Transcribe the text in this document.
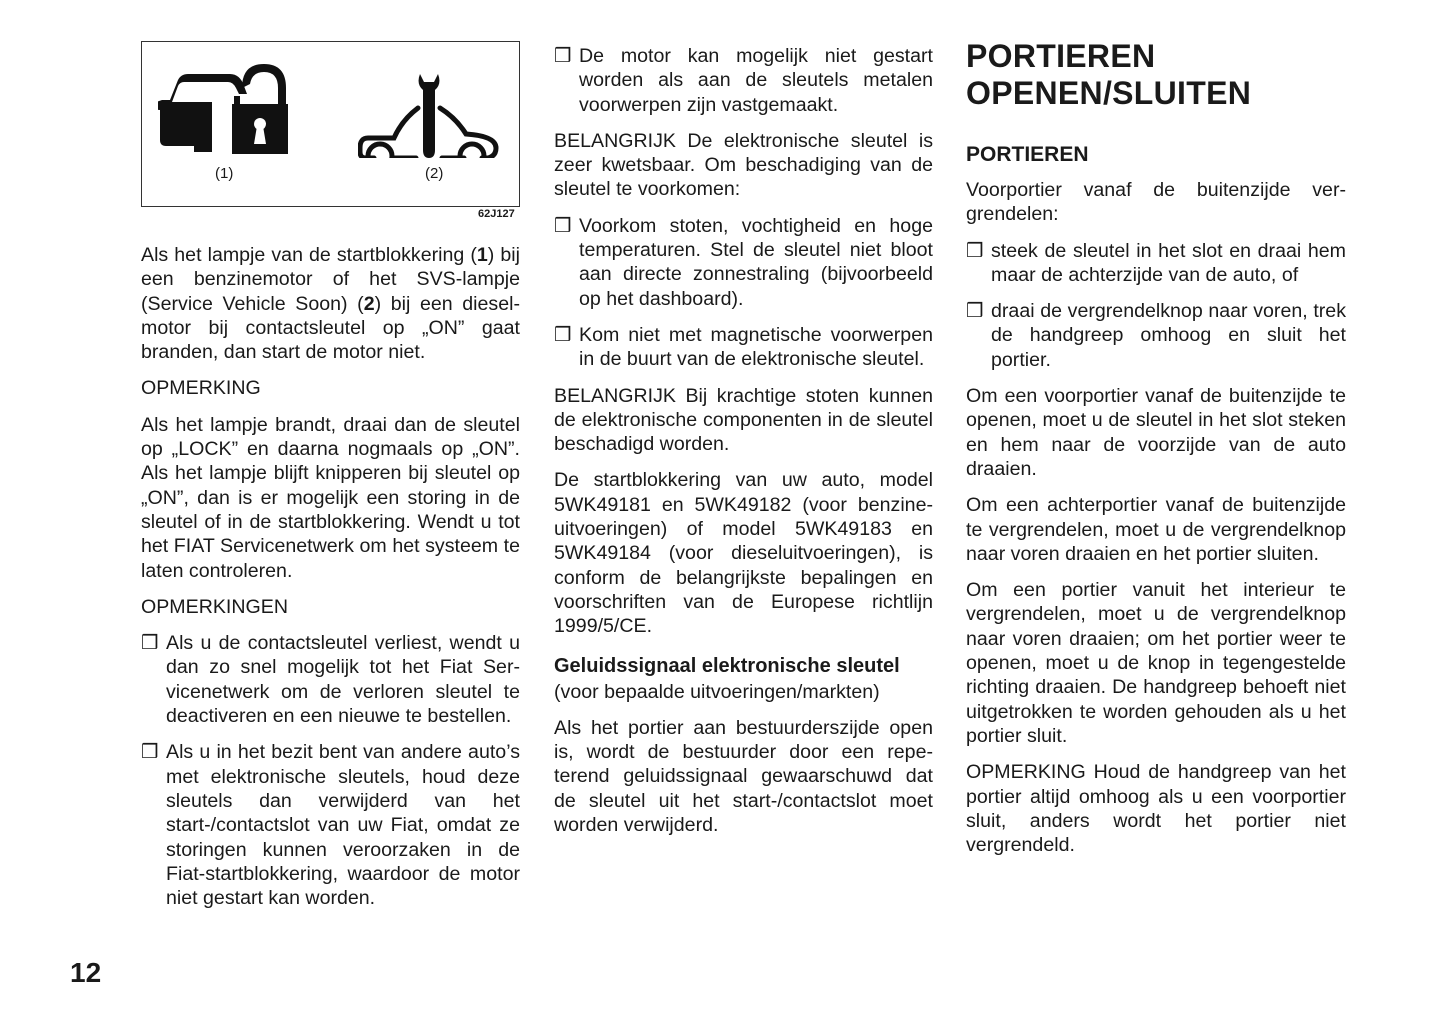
(1)	(2)
62J127
Als het lampje van de startblokkering (1) bij een benzinemotor of het SVS-lampje (Service Vehicle Soon) (2) bij een dieselmotor bij contactsleutel op „ON” gaat branden, dan start de motor niet.
OPMERKING
Als het lampje brandt, draai dan de sleutel op „LOCK” en daarna nogmaals op „ON”. Als het lampje blijft knipperen bij sleutel op „ON”, dan is er mogelijk een storing in de sleutel of in de startblokkering. Wendt u tot het FIAT Servicenetwerk om het systeem te laten controleren.
OPMERKINGEN
❒ Als u de contactsleutel verliest, wendt u dan zo snel mogelijk tot het Fiat Servicenetwerk om de verloren sleutel te deactiveren en een nieuwe te bestellen.
❒ Als u in het bezit bent van andere auto’s met elektronische sleutels, houd deze sleutels dan verwijderd van het start-/contactslot van uw Fiat, omdat ze storingen kunnen veroorzaken in de Fiat-startblokkering, waardoor de motor niet gestart kan worden.
❒ De motor kan mogelijk niet gestart worden als aan de sleutels metalen voorwerpen zijn vastgemaakt.
BELANGRIJK De elektronische sleutel is zeer kwetsbaar. Om beschadiging van de sleutel te voorkomen:
❒ Voorkom stoten, vochtigheid en hoge temperaturen. Stel de sleutel niet bloot aan directe zonnestraling (bijvoorbeeld op het dashboard).
❒ Kom niet met magnetische voorwerpen in de buurt van de elektronische sleutel.
BELANGRIJK Bij krachtige stoten kunnen de elektronische componenten in de sleutel beschadigd worden.
De startblokkering van uw auto, model 5WK49181 en 5WK49182 (voor benzine-uitvoeringen) of model 5WK49183 en 5WK49184 (voor dieseluitvoeringen), is conform de belangrijkste bepalingen en voorschriften van de Europese richtlijn 1999/5/CE.
Geluidssignaal elektronische sleutel
(voor bepaalde uitvoeringen/markten)
Als het portier aan bestuurderszijde open is, wordt de bestuurder door een repeterend geluidssignaal gewaarschuwd dat de sleutel uit het start-/contactslot moet worden verwijderd.
PORTIEREN OPENEN/SLUITEN
PORTIEREN
Voorportier vanaf de buitenzijde vergrendelen:
❒ steek de sleutel in het slot en draai hem maar de achterzijde van de auto, of
❒ draai de vergrendelknop naar voren, trek de handgreep omhoog en sluit het portier.
Om een voorportier vanaf de buitenzijde te openen, moet u de sleutel in het slot steken en hem naar de voorzijde van de auto draaien.
Om een achterportier vanaf de buitenzijde te vergrendelen, moet u de vergrendelknop naar voren draaien en het portier sluiten.
Om een portier vanuit het interieur te vergrendelen, moet u de vergrendelknop naar voren draaien; om het portier weer te openen, moet u de knop in tegengestelde richting draaien. De handgreep behoeft niet uitgetrokken te worden gehouden als u het portier sluit.
OPMERKING Houd de handgreep van het portier altijd omhoog als u een voorportier sluit, anders wordt het portier niet vergrendeld.
12
